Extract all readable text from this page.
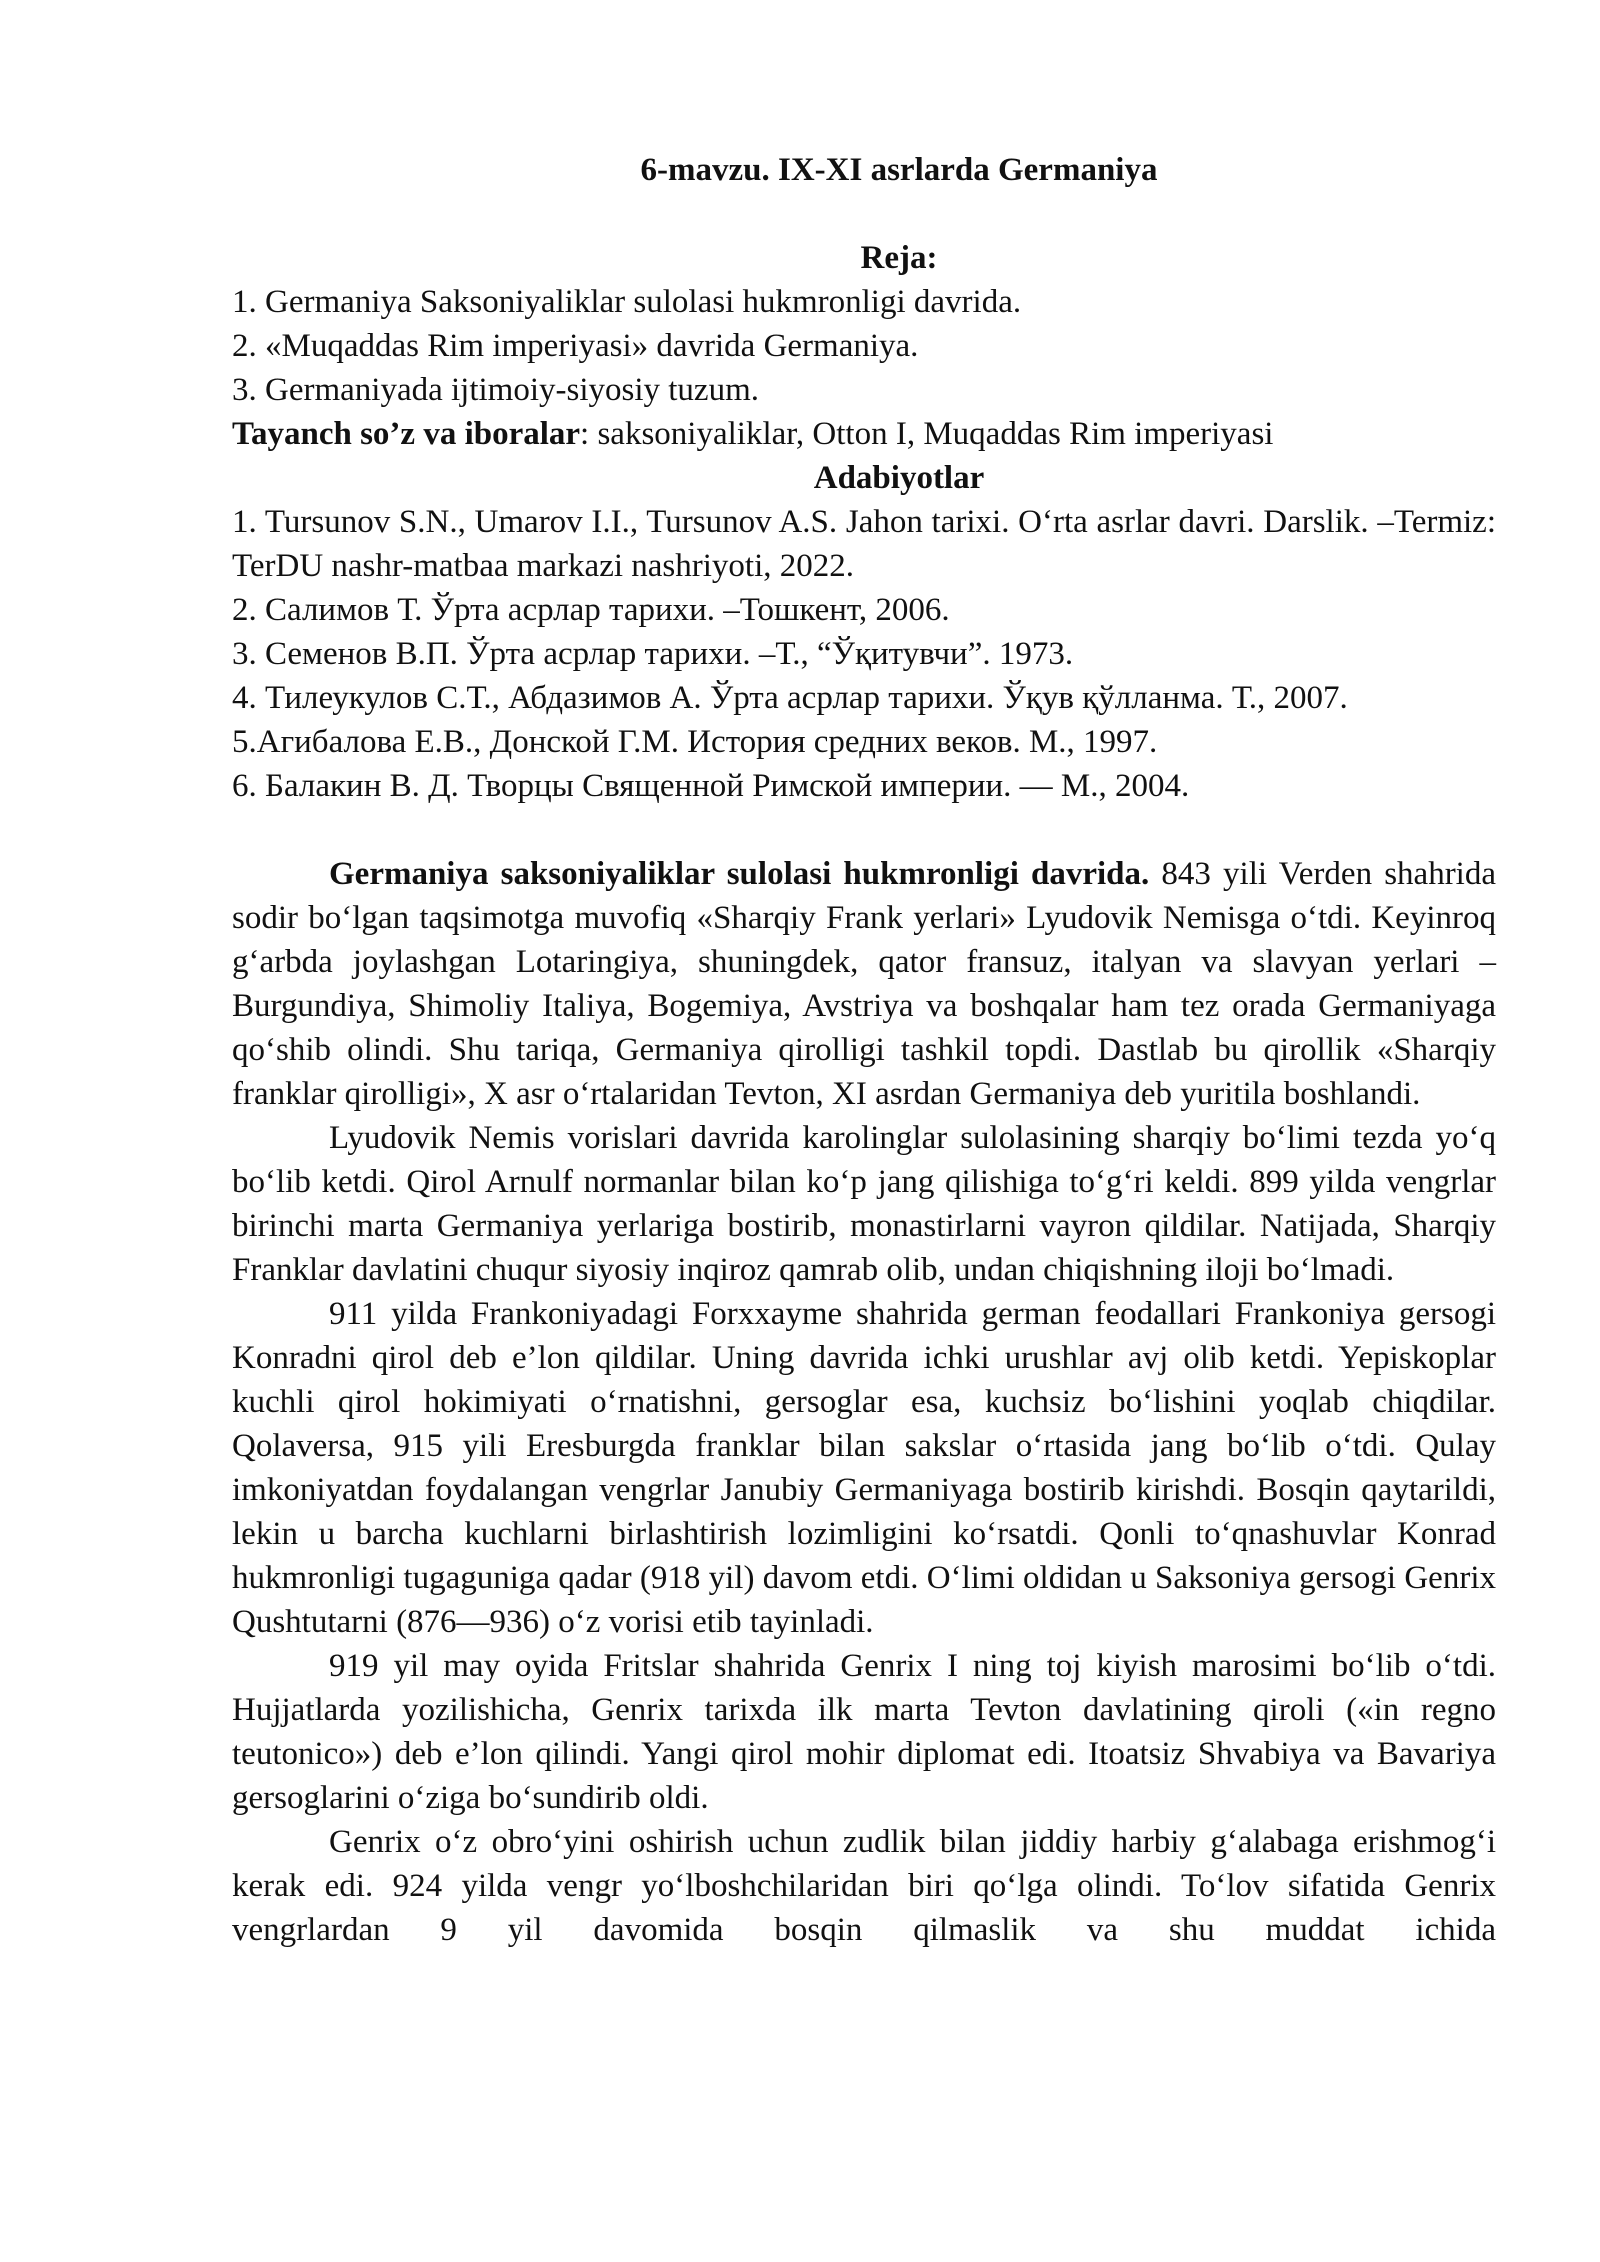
6-mavzu. IX-XI asrlarda Germaniya

Reja:

1. Germaniya Saksoniyaliklar sulolasi hukmronligi davrida.

2. «Muqaddas Rim imperiyasi» davrida Germaniya.

3. Germaniyada ijtimoiy-siyosiy tuzum.

Tayanch so’z va iboralar: saksoniyaliklar, Otton I, Muqaddas Rim imperiyasi

Adabiyotlar

1. Tursunov S.N., Umarov I.I., Tursunov A.S. Jahon tarixi. O‘rta asrlar davri. Darslik. –Termiz: TerDU nashr-matbaa markazi nashriyoti, 2022.

2. Салимов Т. Ўрта асрлар тарихи. –Тошкент, 2006.

3. Семенов В.П. Ўрта асрлар тарихи. –Т., “Ўқитувчи”. 1973.

4. Тилеукулов С.Т., Абдазимов А. Ўрта асрлар тарихи. Ўқув қўлланма. Т., 2007.

5.Агибалова Е.В., Донской Г.М. История средних веков. М., 1997.

6. Балакин В. Д. Творцы Священной Римской империи. — М., 2004.

Germaniya saksoniyaliklar sulolasi hukmronligi davrida. 843 yili Verden shahrida sodir bo‘lgan taqsimotga muvofiq «Sharqiy Frank yerlari» Lyudovik Nemisga o‘tdi. Keyinroq g‘arbda joylashgan Lotaringiya, shuningdek, qator fransuz, italyan va slavyan yerlari – Burgundiya, Shimoliy Italiya, Bogemiya, Avstriya va boshqalar ham tez orada Germaniyaga qo‘shib olindi. Shu tariqa, Germaniya qirolligi tashkil topdi. Dastlab bu qirollik «Sharqiy franklar qirolligi», X asr o‘rtalaridan Tevton, XI asrdan Germaniya deb yuritila boshlandi.

Lyudovik Nemis vorislari davrida karolinglar sulolasining sharqiy bo‘limi tezda yo‘q bo‘lib ketdi. Qirol Arnulf normanlar bilan ko‘p jang qilishiga to‘g‘ri keldi. 899 yilda vengrlar birinchi marta Germaniya yerlariga bostirib, monastirlarni vayron qildilar. Natijada, Sharqiy Franklar davlatini chuqur siyosiy inqiroz qamrab olib, undan chiqishning iloji bo‘lmadi.

911 yilda Frankoniyadagi Forxxayme shahrida german feodallari Frankoniya gersogi Konradni qirol deb e’lon qildilar. Uning davrida ichki urushlar avj olib ketdi. Yepiskoplar kuchli qirol hokimiyati o‘rnatishni, gersoglar esa, kuchsiz bo‘lishini yoqlab chiqdilar. Qolaversa, 915 yili Eresburgda franklar bilan sakslar o‘rtasida jang bo‘lib o‘tdi. Qulay imkoniyatdan foydalangan vengrlar Janubiy Germaniyaga bostirib kirishdi. Bosqin qaytarildi, lekin u barcha kuchlarni birlashtirish lozimligini ko‘rsatdi. Qonli to‘qnashuvlar Konrad hukmronligi tugaguniga qadar (918 yil) davom etdi. O‘limi oldidan u Saksoniya gersogi Genrix Qushtutarni (876—936) o‘z vorisi etib tayinladi.

919 yil may oyida Fritslar shahrida Genrix I ning toj kiyish marosimi bo‘lib o‘tdi. Hujjatlarda yozilishicha, Genrix tarixda ilk marta Tevton davlatining qiroli («in regno teutonico») deb e’lon qilindi. Yangi qirol mohir diplomat edi. Itoatsiz Shvabiya va Bavariya gersoglarini o‘ziga bo‘sundirib oldi.

Genrix o‘z obro‘yini oshirish uchun zudlik bilan jiddiy harbiy g‘alabaga erishmog‘i kerak edi. 924 yilda vengr yo‘lboshchilaridan biri qo‘lga olindi. To‘lov sifatida Genrix vengrlardan 9 yil davomida bosqin qilmaslik va shu muddat ichida
